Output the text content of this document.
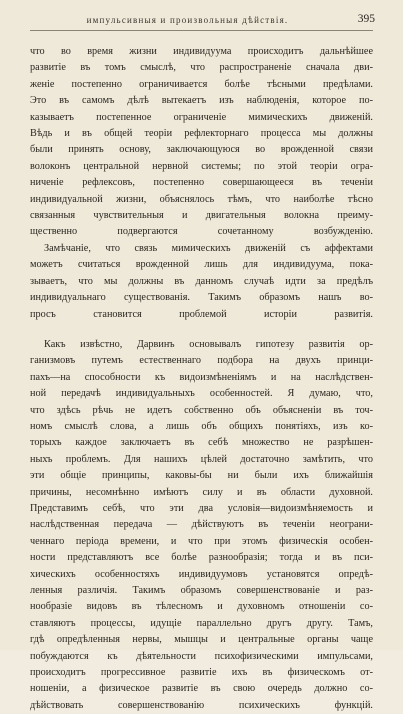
импульсивныя и произвольныя дѣйствія.	395
что во время жизни индивидуума происходитъ дальнѣйшее
развитіе въ томъ смыслѣ, что распространеніе сначала дви-
женіе постепенно ограничивается болѣе тѣсными предѣлами.
Это въ самомъ дѣлѣ вытекаетъ изъ наблюденія, которое по-
казываетъ постепенное ограниченіе мимическихъ движеній.
Вѣдь и въ общей теоріи рефлекторнаго процесса мы должны
были принять основу, заключающуюся во врожденной связи
волоконъ центральной нервной системы; по этой теоріи огра-
ниченіе рефлексовъ, постепенно совершающееся въ теченіи
индивидуальной жизни, объяснялось тѣмъ, что наиболѣе тѣсно
связанныя чувствительныя и двигательныя волокна преиму-
щественно подвергаются сочетанному возбужденію.
Замѣчаніе, что связь мимическихъ движеній съ аффектами
можетъ считаться врожденной лишь для индивидуума, пока-
зываетъ, что мы должны въ данномъ случаѣ идти за предѣлъ
индивидуальнаго существованія. Такимъ образомъ нашъ во-
просъ становится проблемой исторіи развитія.
Какъ извѣстно, Дарвинъ основывалъ гипотезу развитія ор-
ганизмовъ путемъ естественнаго подбора на двухъ принци-
пахъ—на способности къ видоизмѣненіямъ и на наслѣдствен-
ной передачѣ индивидуальныхъ особенностей. Я думаю, что,
что здѣсь рѣчь не идетъ собственно объ объясненіи въ точ-
номъ смыслѣ слова, а лишь объ общихъ понятіяхъ, изъ ко-
торыхъ каждое заключаетъ въ себѣ множество не разрѣшен-
ныхъ проблемъ. Для нашихъ цѣлей достаточно замѣтить, что
эти общіе принципы, каковы-бы ни были ихъ ближайшія
причины, несомнѣнно имѣютъ силу и въ области духовной.
Представимъ себѣ, что эти два условія—видоизмѣняемость и
наслѣдственная передача — дѣйствуютъ въ теченіи неограни-
ченнаго періода времени, и что при этомъ физическія особен-
ности представляютъ все болѣе разнообразія; тогда и въ пси-
хическихъ особенностяхъ индивидуумовъ установятся опредѣ-
ленныя различія. Такимъ образомъ совершенствованіе и раз-
нообразіе видовъ въ тѣлесномъ и духовномъ отношеніи со-
ставляютъ процессы, идущіе параллельно другъ другу. Тамъ,
гдѣ опредѣленныя нервы, мышцы и центральные органы чаще
побуждаются къ дѣятельности психофизическими импульсами,
происходитъ прогрессивное развитіе ихъ въ физическомъ от-
ношеніи, а физическое развитіе въ свою очередь должно со-
дѣйствовать совершенствованію психическихъ функцій.
